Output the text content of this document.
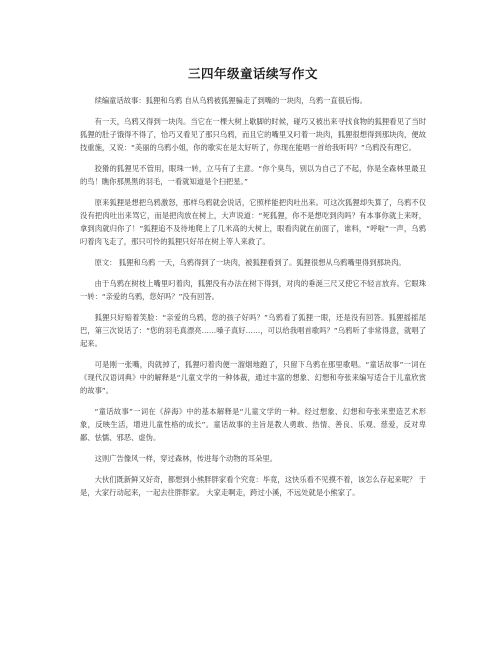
三四年级童话续写作文

续编童话故事：狐狸和乌鸦 自从乌鸦被狐狸骗走了到嘴的一块肉，乌鸦一直很后悔。

有一天，乌鸦又得到一块肉。当它在一棵大树上歇脚的时候，碰巧又被出来寻找食物的狐狸看见了当时狐狸的肚子饿得不得了，恰巧又看见了那只乌鸦，而且它的嘴里又叼着一块肉，狐狸很想得到那块肉，便故技重施，又说：“美丽的乌鸦小姐，你的歌实在是太好听了，你现在能唱一首给我听吗？”乌鸦没有理它。

狡猾的狐狸见不管用，眼珠一转，立马有了主意。“你个臭鸟，别以为自己了不起，你是全森林里最丑的鸟！瞧你那黑黑的羽毛，一看就知道是个扫把星。”

原来狐狸是想把乌鸦激怒，那样乌鸦就会说话，它照样能把肉吐出来。可这次狐狸却失算了，乌鸦不仅没有把肉吐出来骂它，而是把肉放在树上，大声说道：“死狐狸，你不是想吃到肉吗？有本事你就上来呀，拿到肉就归你了！”狐狸追不及待地爬上了几米高的大树上，眼看肉就在前面了，谁料，“呼啦”一声，乌鸦叼着肉飞走了，那只可怜的狐狸只好吊在树上等人来救了。

原文： 狐狸和乌鸦 一天，乌鸦得到了一块肉，被狐狸看到了。狐狸很想从乌鸦嘴里得到那块肉。

由于乌鸦在树枝上嘴里叼着肉，狐狸没有办法在树下得到，对肉的垂涎三尺又使它不轻言放弃。它眼珠一转：“亲爱的乌鸦，您好吗？”没有回答。

狐狸只好赔着笑脸：“亲爱的乌鸦，您的孩子好吗？”乌鸦看了狐狸一眼，还是没有回答。狐狸摇摇尾巴，第三次说话了：“您的羽毛真漂亮……嗓子真好……，可以给我唱首歌吗？”乌鸦听了非常得意，就唱了起来。

可是刚一张嘴，肉就掉了，狐狸叼着肉便一溜烟地跑了，只留下乌鸦在那里歌唱。“童话故事”一词在《现代汉语词典》中的解释是“儿童文学的一种体裁，通过丰富的想象、幻想和夸张来编写适合于儿童欣赏的故事”。

“童话故事”一词在《辞海》中的基本解释是“儿童文学的一种。经过想象、幻想和夸张来塑造艺术形象，反映生活，增进儿童性格的成长”。童话故事的主旨是教人勇敢、热情、善良、乐观、慈爱，反对卑鄙、怯懦、邪恶、虚伪。

这则广告像风一样，穿过森林，传进每个动物的耳朵里。

大伙们既新鲜又好奇，都想到小熊胖胖家看个究竟：毕竟，这快乐看不见摸不着，该怎么存起来呢？ 于是，大家行动起来，一起去往胖胖家。 大家走啊走，跨过小溪，不远处就是小熊家了。
